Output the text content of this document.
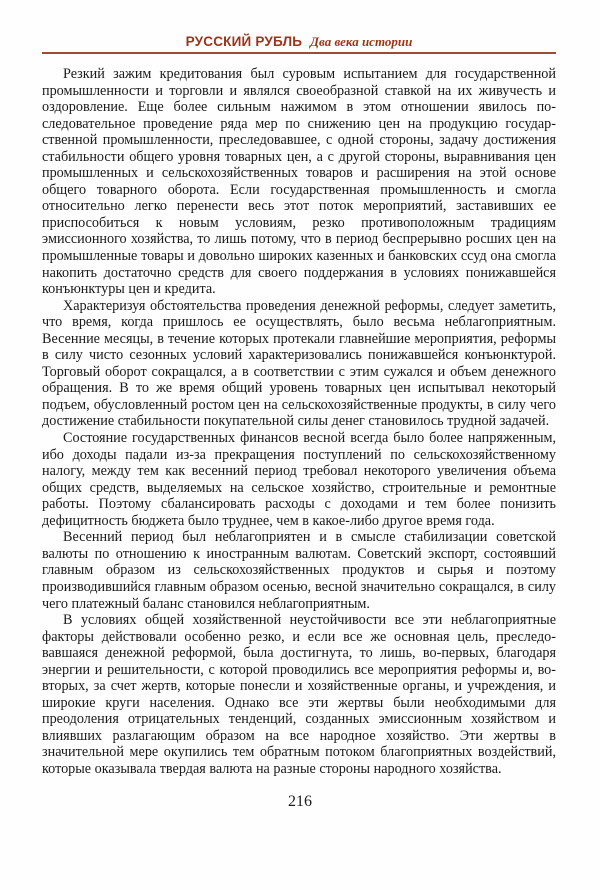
РУССКИЙ РУБЛЬ Два века истории

Резкий зажим кредитования был суровым испытанием для государственной промышленности и торговли и являлся своеобразной ставкой на их живучесть и оздоровление. Еще более сильным нажимом в этом отношении явилось последовательное проведение ряда мер по снижению цен на продукцию государственной промышленности, преследовавшее, с одной стороны, задачу достижения стабильности общего уровня товарных цен, а с другой стороны, выравнивания цен промышленных и сельскохозяйственных товаров и расширения на этой основе общего товарного оборота. Если государственная промышленность и смогла относительно легко перенести весь этот поток мероприятий, заставивших ее приспособиться к новым условиям, резко противоположным традициям эмиссионного хозяйства, то лишь потому, что в период беспрерывно росших цен на промышленные товары и довольно широких казенных и банковских ссуд она смогла накопить достаточно средств для своего поддержания в условиях понижавшейся конъюнктуры цен и кредита.

Характеризуя обстоятельства проведения денежной реформы, следует заметить, что время, когда пришлось ее осуществлять, было весьма неблагоприятным. Весенние месяцы, в течение которых протекали главнейшие мероприятия, реформы в силу чисто сезонных условий характеризовались понижавшейся конъюнктурой. Торговый оборот сокращался, а в соответствии с этим сужался и объем денежного обращения. В то же время общий уровень товарных цен испытывал некоторый подъем, обусловленный ростом цен на сельскохозяйственные продукты, в силу чего достижение стабильности покупательной силы денег становилось трудной задачей.

Состояние государственных финансов весной всегда было более напряженным, ибо доходы падали из-за прекращения поступлений по сельскохозяйственному налогу, между тем как весенний период требовал некоторого увеличения объема общих средств, выделяемых на сельское хозяйство, строительные и ремонтные работы. Поэтому сбалансировать расходы с доходами и тем более понизить дефицитность бюджета было труднее, чем в какое-либо другое время года.

Весенний период был неблагоприятен и в смысле стабилизации советской валюты по отношению к иностранным валютам. Советский экспорт, состоявший главным образом из сельскохозяйственных продуктов и сырья и поэтому производившийся главным образом осенью, весной значительно сокращался, в силу чего платежный баланс становился неблагоприятным.

В условиях общей хозяйственной неустойчивости все эти неблагоприятные факторы действовали особенно резко, и если все же основная цель, преследовавшаяся денежной реформой, была достигнута, то лишь, во-первых, благодаря энергии и решительности, с которой проводились все мероприятия реформы и, во-вторых, за счет жертв, которые понесли и хозяйственные органы, и учреждения, и широкие круги населения. Однако все эти жертвы были необходимыми для преодоления отрицательных тенденций, созданных эмиссионным хозяйством и влиявших разлагающим образом на все народное хозяйство. Эти жертвы в значительной мере окупились тем обратным потоком благоприятных воздействий, которые оказывала твердая валюта на разные стороны народного хозяйства.

216
